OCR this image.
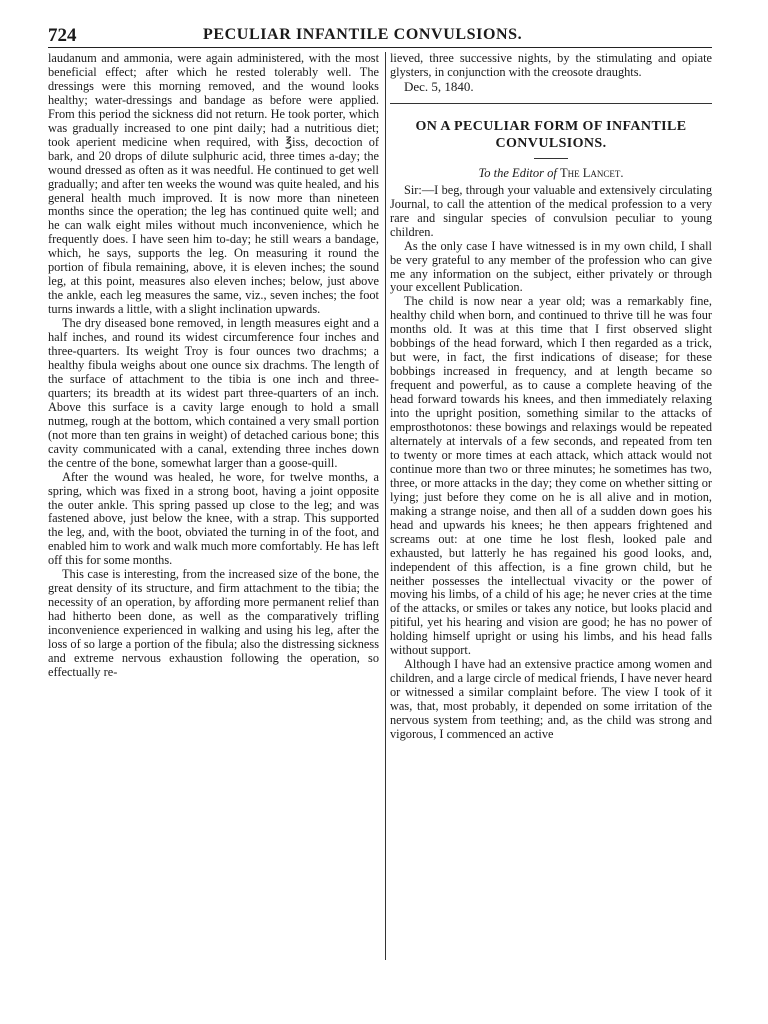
724	PECULIAR INFANTILE CONVULSIONS.

laudanum and ammonia, were again administered, with the most beneficial effect; after which he rested tolerably well. The dressings were this morning removed, and the wound looks healthy; water-dressings and bandage as before were applied. From this period the sickness did not return. He took porter, which was gradually increased to one pint daily; had a nutritious diet; took aperient medicine when required, with ℥iss, decoction of bark, and 20 drops of dilute sulphuric acid, three times a-day; the wound dressed as often as it was needful. He continued to get well gradually; and after ten weeks the wound was quite healed, and his general health much improved. It is now more than nineteen months since the operation; the leg has continued quite well; and he can walk eight miles without much inconvenience, which he frequently does. I have seen him to-day; he still wears a bandage, which, he says, supports the leg. On measuring it round the portion of fibula remaining, above, it is eleven inches; the sound leg, at this point, measures also eleven inches; below, just above the ankle, each leg measures the same, viz., seven inches; the foot turns inwards a little, with a slight inclination upwards.

The dry diseased bone removed, in length measures eight and a half inches, and round its widest circumference four inches and three-quarters. Its weight Troy is four ounces two drachms; a healthy fibula weighs about one ounce six drachms. The length of the surface of attachment to the tibia is one inch and three-quarters; its breadth at its widest part three-quarters of an inch. Above this surface is a cavity large enough to hold a small nutmeg, rough at the bottom, which contained a very small portion (not more than ten grains in weight) of detached carious bone; this cavity communicated with a canal, extending three inches down the centre of the bone, somewhat larger than a goose-quill.

After the wound was healed, he wore, for twelve months, a spring, which was fixed in a strong boot, having a joint opposite the outer ankle. This spring passed up close to the leg; and was fastened above, just below the knee, with a strap. This supported the leg, and, with the boot, obviated the turning in of the foot, and enabled him to work and walk much more comfortably. He has left off this for some months.

This case is interesting, from the increased size of the bone, the great density of its structure, and firm attachment to the tibia; the necessity of an operation, by affording more permanent relief than had hitherto been done, as well as the comparatively trifling inconvenience experienced in walking and using his leg, after the loss of so large a portion of the fibula; also the distressing sickness and extreme nervous exhaustion following the operation, so effectually re-

lieved, three successive nights, by the stimulating and opiate glysters, in conjunction with the creosote draughts.

Dec. 5, 1840.
ON A PECULIAR FORM OF INFANTILE CONVULSIONS.
To the Editor of The Lancet.

Sir:—I beg, through your valuable and extensively circulating Journal, to call the attention of the medical profession to a very rare and singular species of convulsion peculiar to young children.

As the only case I have witnessed is in my own child, I shall be very grateful to any member of the profession who can give me any information on the subject, either privately or through your excellent Publication.

The child is now near a year old; was a remarkably fine, healthy child when born, and continued to thrive till he was four months old. It was at this time that I first observed slight bobbings of the head forward, which I then regarded as a trick, but were, in fact, the first indications of disease; for these bobbings increased in frequency, and at length became so frequent and powerful, as to cause a complete heaving of the head forward towards his knees, and then immediately relaxing into the upright position, something similar to the attacks of emprosthotonos: these bowings and relaxings would be repeated alternately at intervals of a few seconds, and repeated from ten to twenty or more times at each attack, which attack would not continue more than two or three minutes; he sometimes has two, three, or more attacks in the day; they come on whether sitting or lying; just before they come on he is all alive and in motion, making a strange noise, and then all of a sudden down goes his head and upwards his knees; he then appears frightened and screams out: at one time he lost flesh, looked pale and exhausted, but latterly he has regained his good looks, and, independent of this affection, is a fine grown child, but he neither possesses the intellectual vivacity or the power of moving his limbs, of a child of his age; he never cries at the time of the attacks, or smiles or takes any notice, but looks placid and pitiful, yet his hearing and vision are good; he has no power of holding himself upright or using his limbs, and his head falls without support.

Although I have had an extensive practice among women and children, and a large circle of medical friends, I have never heard or witnessed a similar complaint before. The view I took of it was, that, most probably, it depended on some irritation of the nervous system from teething; and, as the child was strong and vigorous, I commenced an active
